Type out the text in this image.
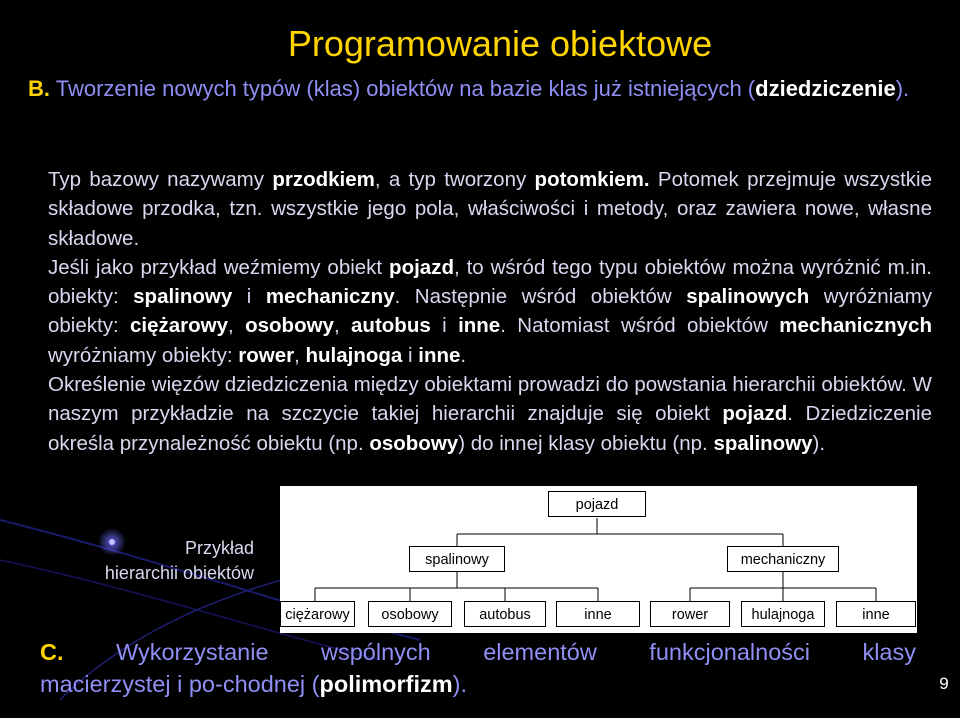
Programowanie obiektowe
B. Tworzenie nowych typów (klas) obiektów na bazie klas już istniejących (dziedziczenie).
Typ bazowy nazywamy przodkiem, a typ tworzony potomkiem. Potomek przejmuje wszystkie składowe przodka, tzn. wszystkie jego pola, właściwości i metody, oraz zawiera nowe, własne składowe.
Jeśli jako przykład weźmiemy obiekt pojazd, to wśród tego typu obiektów można wyróżnić m.in. obiekty: spalinowy i mechaniczny. Następnie wśród obiektów spalinowych wyróżniamy obiekty: ciężarowy, osobowy, autobus i inne. Natomiast wśród obiektów mechanicznych wyróżniamy obiekty: rower, hulajnoga i inne.
Określenie więzów dziedziczenia między obiektami prowadzi do powstania hierarchii obiektów. W naszym przykładzie na szczycie takiej hierarchii znajduje się obiekt pojazd. Dziedziczenie określa przynależność obiektu (np. osobowy) do innej klasy obiektu (np. spalinowy).
Przykład
hierarchii obiektów
pojazd
spalinowy	mechaniczny
ciężarowy	osobowy	autobus	inne	rower	hulajnoga	inne
C. Wykorzystanie wspólnych elementów funkcjonalności klasy
macierzystej i po-chodnej (polimorfizm).	9
